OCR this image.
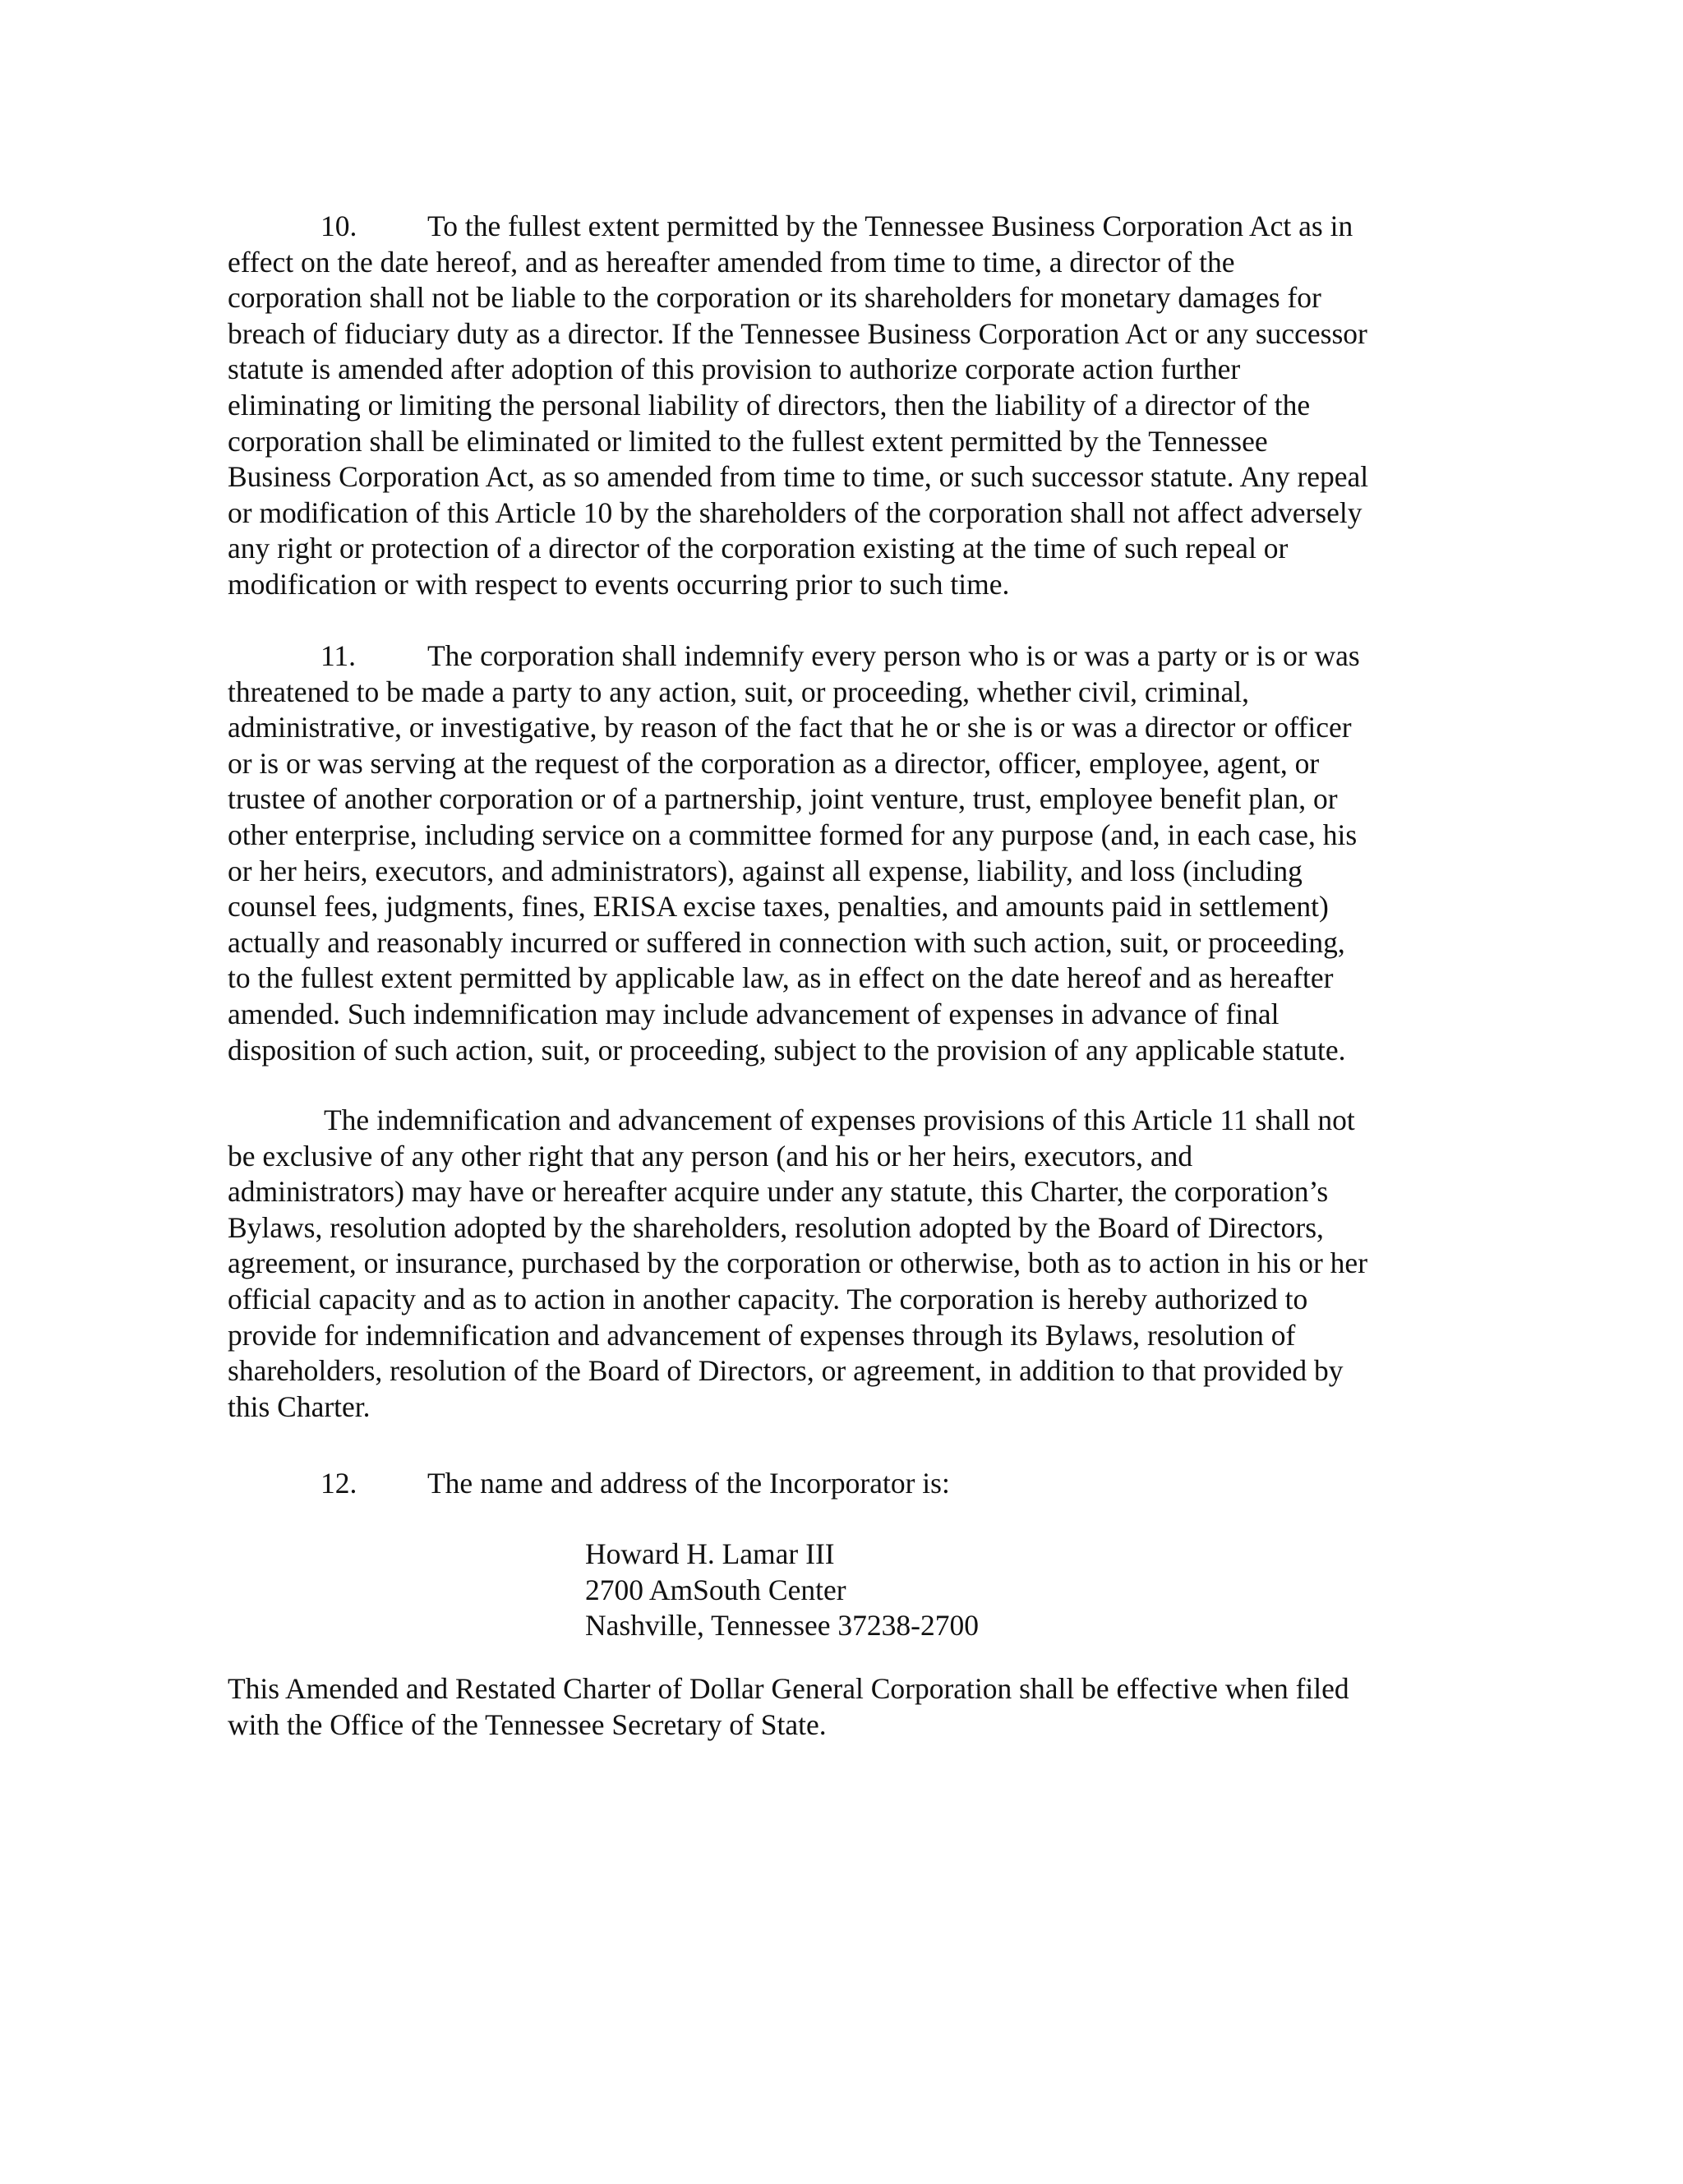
10. To the fullest extent permitted by the Tennessee Business Corporation Act as in
effect on the date hereof, and as hereafter amended from time to time, a director of the
corporation shall not be liable to the corporation or its shareholders for monetary damages for
breach of fiduciary duty as a director. If the Tennessee Business Corporation Act or any successor
statute is amended after adoption of this provision to authorize corporate action further
eliminating or limiting the personal liability of directors, then the liability of a director of the
corporation shall be eliminated or limited to the fullest extent permitted by the Tennessee
Business Corporation Act, as so amended from time to time, or such successor statute. Any repeal
or modification of this Article 10 by the shareholders of the corporation shall not affect adversely
any right or protection of a director of the corporation existing at the time of such repeal or
modification or with respect to events occurring prior to such time.

11. The corporation shall indemnify every person who is or was a party or is or was
threatened to be made a party to any action, suit, or proceeding, whether civil, criminal,
administrative, or investigative, by reason of the fact that he or she is or was a director or officer
or is or was serving at the request of the corporation as a director, officer, employee, agent, or
trustee of another corporation or of a partnership, joint venture, trust, employee benefit plan, or
other enterprise, including service on a committee formed for any purpose (and, in each case, his
or her heirs, executors, and administrators), against all expense, liability, and loss (including
counsel fees, judgments, fines, ERISA excise taxes, penalties, and amounts paid in settlement)
actually and reasonably incurred or suffered in connection with such action, suit, or proceeding,
to the fullest extent permitted by applicable law, as in effect on the date hereof and as hereafter
amended. Such indemnification may include advancement of expenses in advance of final
disposition of such action, suit, or proceeding, subject to the provision of any applicable statute.

The indemnification and advancement of expenses provisions of this Article 11 shall not
be exclusive of any other right that any person (and his or her heirs, executors, and
administrators) may have or hereafter acquire under any statute, this Charter, the corporation’s
Bylaws, resolution adopted by the shareholders, resolution adopted by the Board of Directors,
agreement, or insurance, purchased by the corporation or otherwise, both as to action in his or her
official capacity and as to action in another capacity. The corporation is hereby authorized to
provide for indemnification and advancement of expenses through its Bylaws, resolution of
shareholders, resolution of the Board of Directors, or agreement, in addition to that provided by
this Charter.

12. The name and address of the Incorporator is:

Howard H. Lamar III
2700 AmSouth Center
Nashville, Tennessee 37238-2700

This Amended and Restated Charter of Dollar General Corporation shall be effective when filed
with the Office of the Tennessee Secretary of State.
